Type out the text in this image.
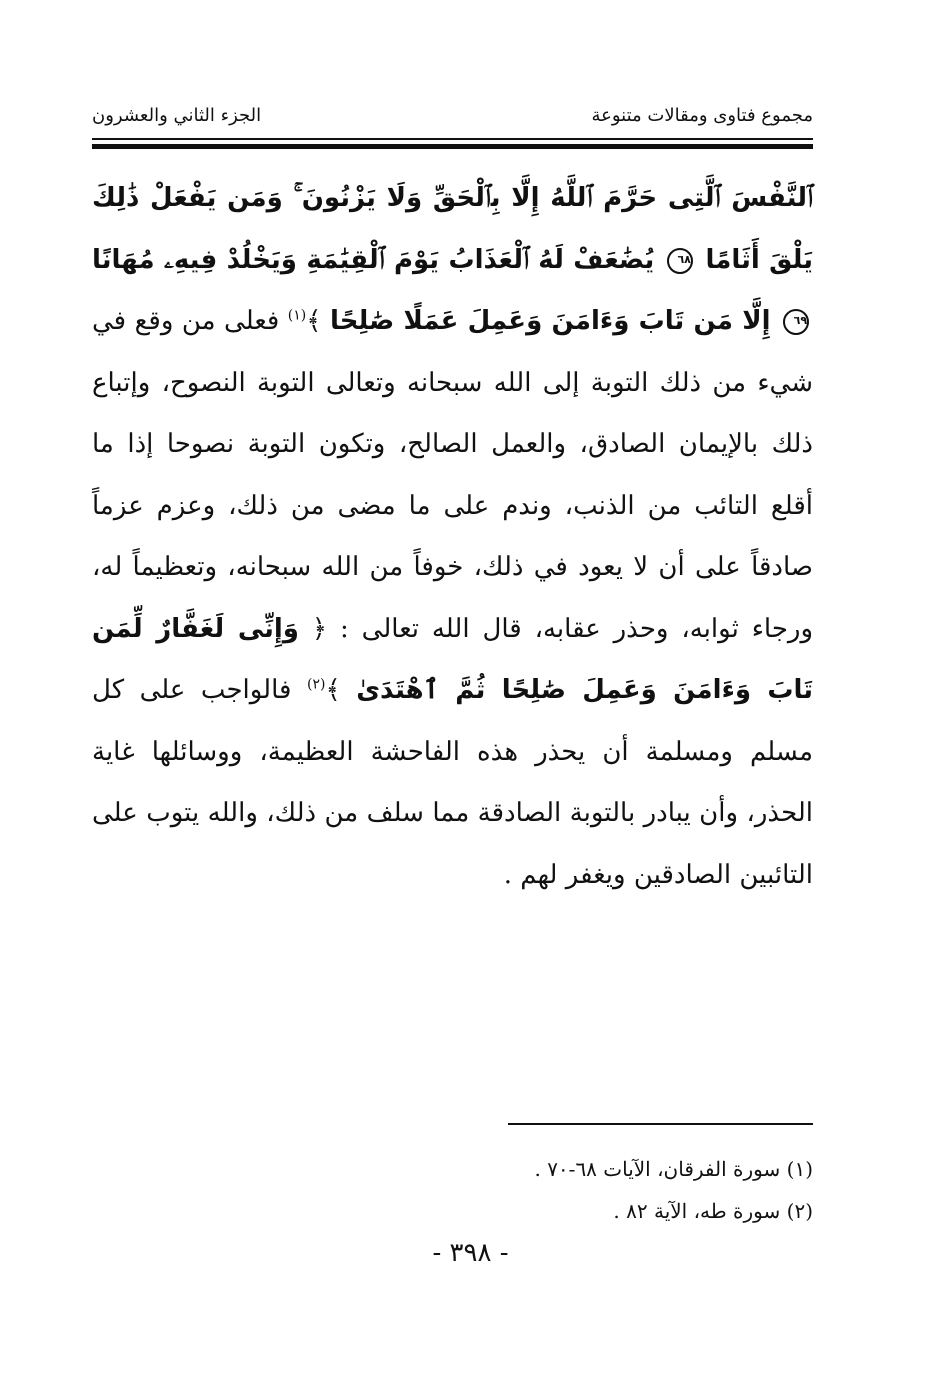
مجموع فتاوى ومقالات متنوعة
الجزء الثاني والعشرون
ٱلنَّفْسَ ٱلَّتِى حَرَّمَ ٱللَّهُ إِلَّا بِٱلْحَقِّ وَلَا يَزْنُونَ ۚ وَمَن يَفْعَلْ ذَٰلِكَ يَلْقَ أَثَامًا ٦٨ يُضَٰعَفْ لَهُ ٱلْعَذَابُ يَوْمَ ٱلْقِيَٰمَةِ وَيَخْلُدْ فِيهِۦ مُهَانًا ٦٩ إِلَّا مَن تَابَ وَءَامَنَ وَعَمِلَ عَمَلًا صَٰلِحًا ﴾$^{(١)}$ فعلى من وقع في شيء من ذلك التوبة إلى الله سبحانه وتعالى التوبة النصوح، وإتباع ذلك بالإيمان الصادق، والعمل الصالح، وتكون التوبة نصوحا إذا ما أقلع التائب من الذنب، وندم على ما مضى من ذلك، وعزم عزماً صادقاً على أن لا يعود في ذلك، خوفاً من الله سبحانه، وتعظيماً له، ورجاء ثوابه، وحذر عقابه، قال الله تعالى : ﴿ وَإِنِّى لَغَفَّارٌ لِّمَن تَابَ وَءَامَنَ وَعَمِلَ صَٰلِحًا ثُمَّ ٱهْتَدَىٰ ﴾$^{(٢)}$ فالواجب على كل مسلم ومسلمة أن يحذر هذه الفاحشة العظيمة، ووسائلها غاية الحذر، وأن يبادر بالتوبة الصادقة مما سلف من ذلك، والله يتوب على التائبين الصادقين ويغفر لهم .
(١) سورة الفرقان، الآيات ٦٨-٧٠ .
(٢) سورة طه، الآية ٨٢ .
- ٣٩٨ -
